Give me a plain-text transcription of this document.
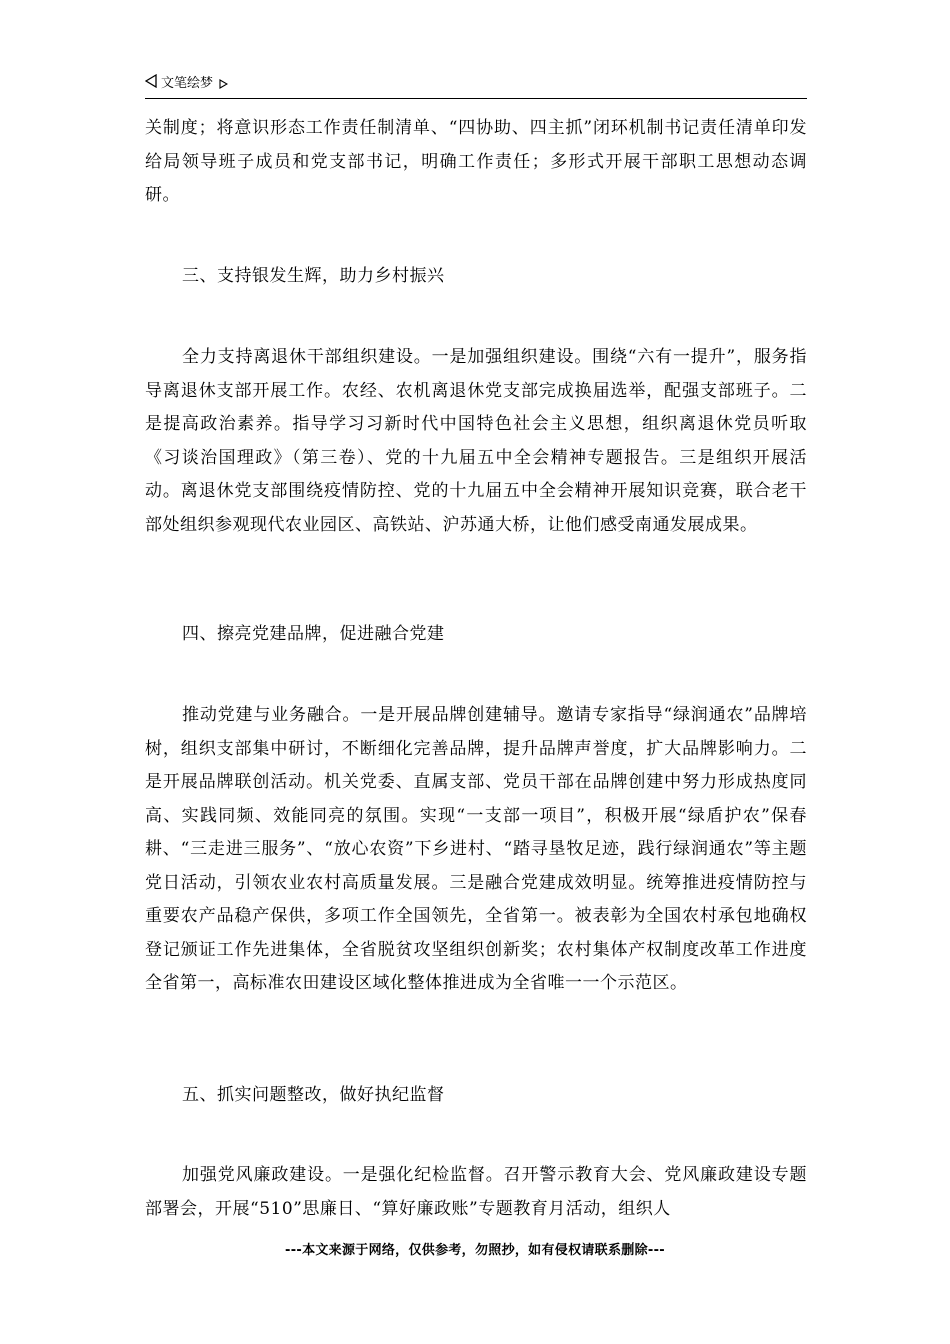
文笔绘梦

关制度；将意识形态工作责任制清单、“四协助、四主抓”闭环机制书记责任清单印发给局领导班子成员和党支部书记，明确工作责任；多形式开展干部职工思想动态调研。

三、支持银发生辉，助力乡村振兴

全力支持离退休干部组织建设。一是加强组织建设。围绕“六有一提升”，服务指导离退休支部开展工作。农经、农机离退休党支部完成换届选举，配强支部班子。二是提高政治素养。指导学习习新时代中国特色社会主义思想，组织离退休党员听取《习谈治国理政》（第三卷）、党的十九届五中全会精神专题报告。三是组织开展活动。离退休党支部围绕疫情防控、党的十九届五中全会精神开展知识竞赛，联合老干部处组织参观现代农业园区、高铁站、沪苏通大桥，让他们感受南通发展成果。

四、擦亮党建品牌，促进融合党建

推动党建与业务融合。一是开展品牌创建辅导。邀请专家指导“绿润通农”品牌培树，组织支部集中研讨，不断细化完善品牌，提升品牌声誉度，扩大品牌影响力。二是开展品牌联创活动。机关党委、直属支部、党员干部在品牌创建中努力形成热度同高、实践同频、效能同亮的氛围。实现“一支部一项目”，积极开展“绿盾护农”保春耕、“三走进三服务”、“放心农资”下乡进村、“踏寻垦牧足迹，践行绿润通农”等主题党日活动，引领农业农村高质量发展。三是融合党建成效明显。统筹推进疫情防控与重要农产品稳产保供，多项工作全国领先，全省第一。被表彰为全国农村承包地确权登记颁证工作先进集体，全省脱贫攻坚组织创新奖；农村集体产权制度改革工作进度全省第一，高标准农田建设区域化整体推进成为全省唯一一个示范区。

五、抓实问题整改，做好执纪监督

加强党风廉政建设。一是强化纪检监督。召开警示教育大会、党风廉政建设专题部署会，开展“510”思廉日、“算好廉政账”专题教育月活动，组织人

---本文来源于网络，仅供参考，勿照抄，如有侵权请联系删除---
